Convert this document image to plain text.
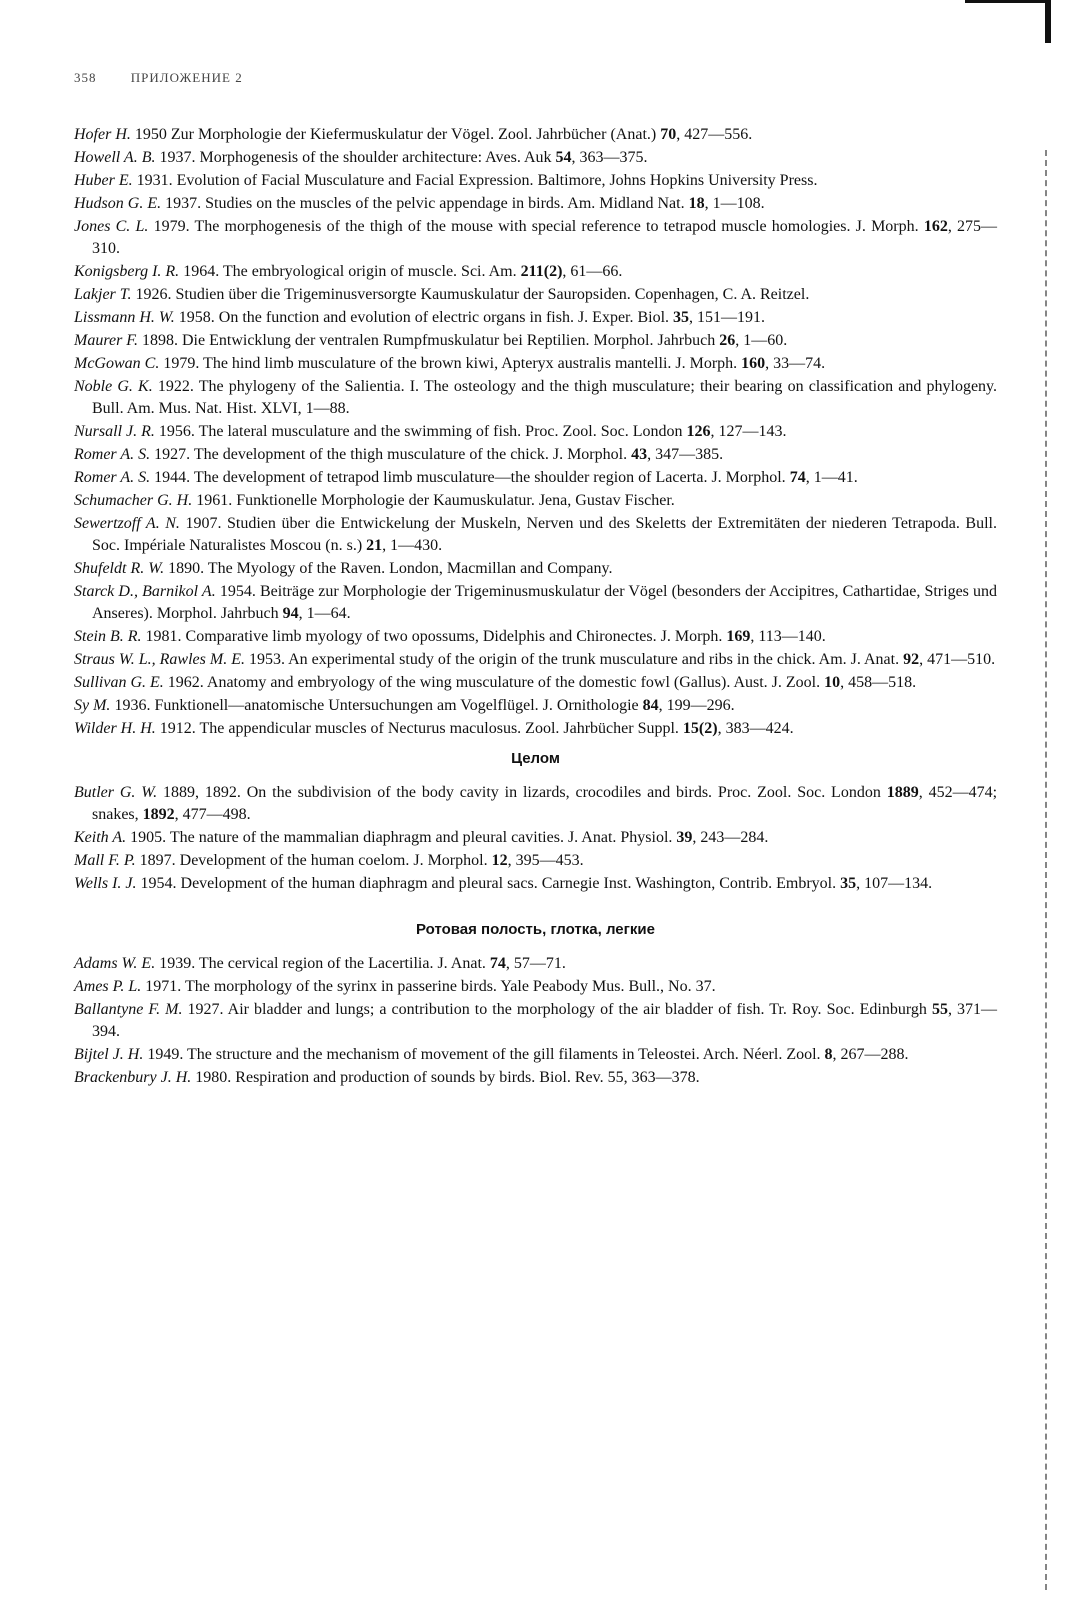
358	ПРИЛОЖЕНИЕ 2
Hofer H. 1950 Zur Morphologie der Kiefermuskulatur der Vögel. Zool. Jahrbücher (Anat.) 70, 427—556.
Howell A. B. 1937. Morphogenesis of the shoulder architecture: Aves. Auk 54, 363—375.
Huber E. 1931. Evolution of Facial Musculature and Facial Expression. Baltimore, Johns Hopkins University Press.
Hudson G. E. 1937. Studies on the muscles of the pelvic appendage in birds. Am. Midland Nat. 18, 1—108.
Jones C. L. 1979. The morphogenesis of the thigh of the mouse with special reference to tetrapod muscle homologies. J. Morph. 162, 275—310.
Konigsberg I. R. 1964. The embryological origin of muscle. Sci. Am. 211(2), 61—66.
Lakjer T. 1926. Studien über die Trigeminusversorgte Kaumuskulatur der Sauropsiden. Copenhagen, C. A. Reitzel.
Lissmann H. W. 1958. On the function and evolution of electric organs in fish. J. Exper. Biol. 35, 151—191.
Maurer F. 1898. Die Entwicklung der ventralen Rumpfmuskulatur bei Reptilien. Morphol. Jahrbuch 26, 1—60.
McGowan C. 1979. The hind limb musculature of the brown kiwi, Apteryx australis mantelli. J. Morph. 160, 33—74.
Noble G. K. 1922. The phylogeny of the Salientia. I. The osteology and the thigh musculature; their bearing on classification and phylogeny. Bull. Am. Mus. Nat. Hist. XLVI, 1—88.
Nursall J. R. 1956. The lateral musculature and the swimming of fish. Proc. Zool. Soc. London 126, 127—143.
Romer A. S. 1927. The development of the thigh musculature of the chick. J. Morphol. 43, 347—385.
Romer A. S. 1944. The development of tetrapod limb musculature—the shoulder region of Lacerta. J. Morphol. 74, 1—41.
Schumacher G. H. 1961. Funktionelle Morphologie der Kaumuskulatur. Jena, Gustav Fischer.
Sewertzoff A. N. 1907. Studien über die Entwickelung der Muskeln, Nerven und des Skeletts der Extremitäten der niederen Tetrapoda. Bull. Soc. Impériale Naturalistes Moscou (n. s.) 21, 1—430.
Shufeldt R. W. 1890. The Myology of the Raven. London, Macmillan and Company.
Starck D., Barnikol A. 1954. Beiträge zur Morphologie der Trigeminusmuskulatur der Vögel (besonders der Accipitres, Cathartidae, Striges und Anseres). Morphol. Jahrbuch 94, 1—64.
Stein B. R. 1981. Comparative limb myology of two opossums, Didelphis and Chironectes. J. Morph. 169, 113—140.
Straus W. L., Rawles M. E. 1953. An experimental study of the origin of the trunk musculature and ribs in the chick. Am. J. Anat. 92, 471—510.
Sullivan G. E. 1962. Anatomy and embryology of the wing musculature of the domestic fowl (Gallus). Aust. J. Zool. 10, 458—518.
Sy M. 1936. Funktionell—anatomische Untersuchungen am Vogelflügel. J. Ornithologie 84, 199—296.
Wilder H. H. 1912. The appendicular muscles of Necturus maculosus. Zool. Jahrbücher Suppl. 15(2), 383—424.
Целом
Butler G. W. 1889, 1892. On the subdivision of the body cavity in lizards, crocodiles and birds. Proc. Zool. Soc. London 1889, 452—474; snakes, 1892, 477—498.
Keith A. 1905. The nature of the mammalian diaphragm and pleural cavities. J. Anat. Physiol. 39, 243—284.
Mall F. P. 1897. Development of the human coelom. J. Morphol. 12, 395—453.
Wells I. J. 1954. Development of the human diaphragm and pleural sacs. Carnegie Inst. Washington, Contrib. Embryol. 35, 107—134.
Ротовая полость, глотка, легкие
Adams W. E. 1939. The cervical region of the Lacertilia. J. Anat. 74, 57—71.
Ames P. L. 1971. The morphology of the syrinx in passerine birds. Yale Peabody Mus. Bull., No. 37.
Ballantyne F. M. 1927. Air bladder and lungs; a contribution to the morphology of the air bladder of fish. Tr. Roy. Soc. Edinburgh 55, 371—394.
Bijtel J. H. 1949. The structure and the mechanism of movement of the gill filaments in Teleostei. Arch. Néerl. Zool. 8, 267—288.
Brackenbury J. H. 1980. Respiration and production of sounds by birds. Biol. Rev. 55, 363—378.
